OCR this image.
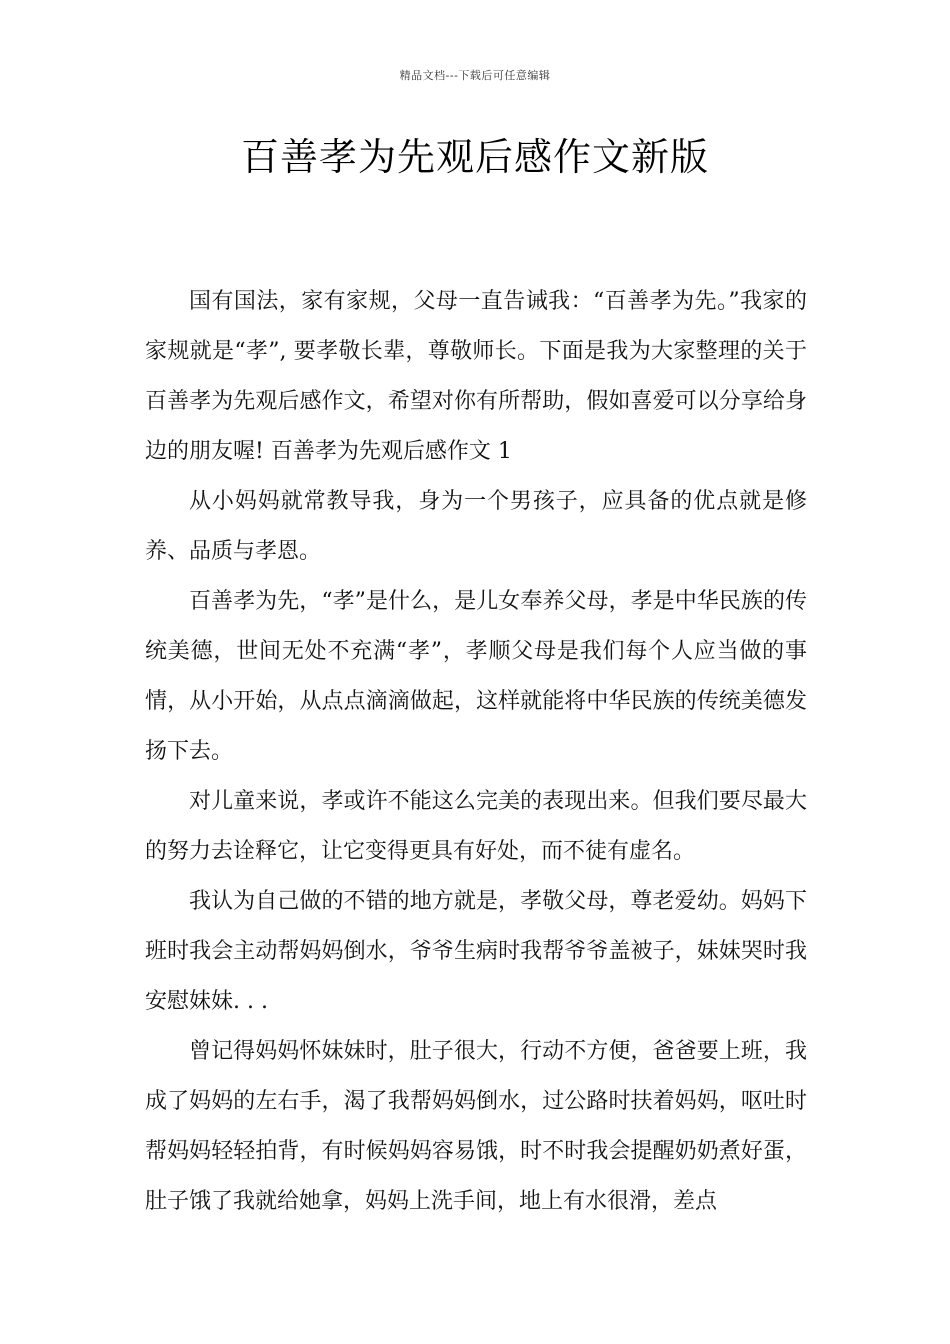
精品文档---下载后可任意编辑
百善孝为先观后感作文新版

国有国法，家有家规，父母一直告诫我：“百善孝为先。”我家的家规就是“孝”, 要孝敬长辈，尊敬师长。下面是我为大家整理的关于百善孝为先观后感作文，希望对你有所帮助，假如喜爱可以分享给身边的朋友喔! 百善孝为先观后感作文 1

从小妈妈就常教导我，身为一个男孩子，应具备的优点就是修养、品质与孝恩。

百善孝为先，“孝”是什么，是儿女奉养父母，孝是中华民族的传统美德，世间无处不充满“孝”，孝顺父母是我们每个人应当做的事情，从小开始，从点点滴滴做起，这样就能将中华民族的传统美德发扬下去。

对儿童来说，孝或许不能这么完美的表现出来。但我们要尽最大的努力去诠释它，让它变得更具有好处，而不徒有虚名。

我认为自己做的不错的地方就是，孝敬父母，尊老爱幼。妈妈下班时我会主动帮妈妈倒水，爷爷生病时我帮爷爷盖被子，妹妹哭时我安慰妹妹. . .

曾记得妈妈怀妹妹时，肚子很大，行动不方便，爸爸要上班，我成了妈妈的左右手，渴了我帮妈妈倒水，过公路时扶着妈妈，呕吐时帮妈妈轻轻拍背，有时候妈妈容易饿，时不时我会提醒奶奶煮好蛋，肚子饿了我就给她拿，妈妈上洗手间，地上有水很滑，差点
